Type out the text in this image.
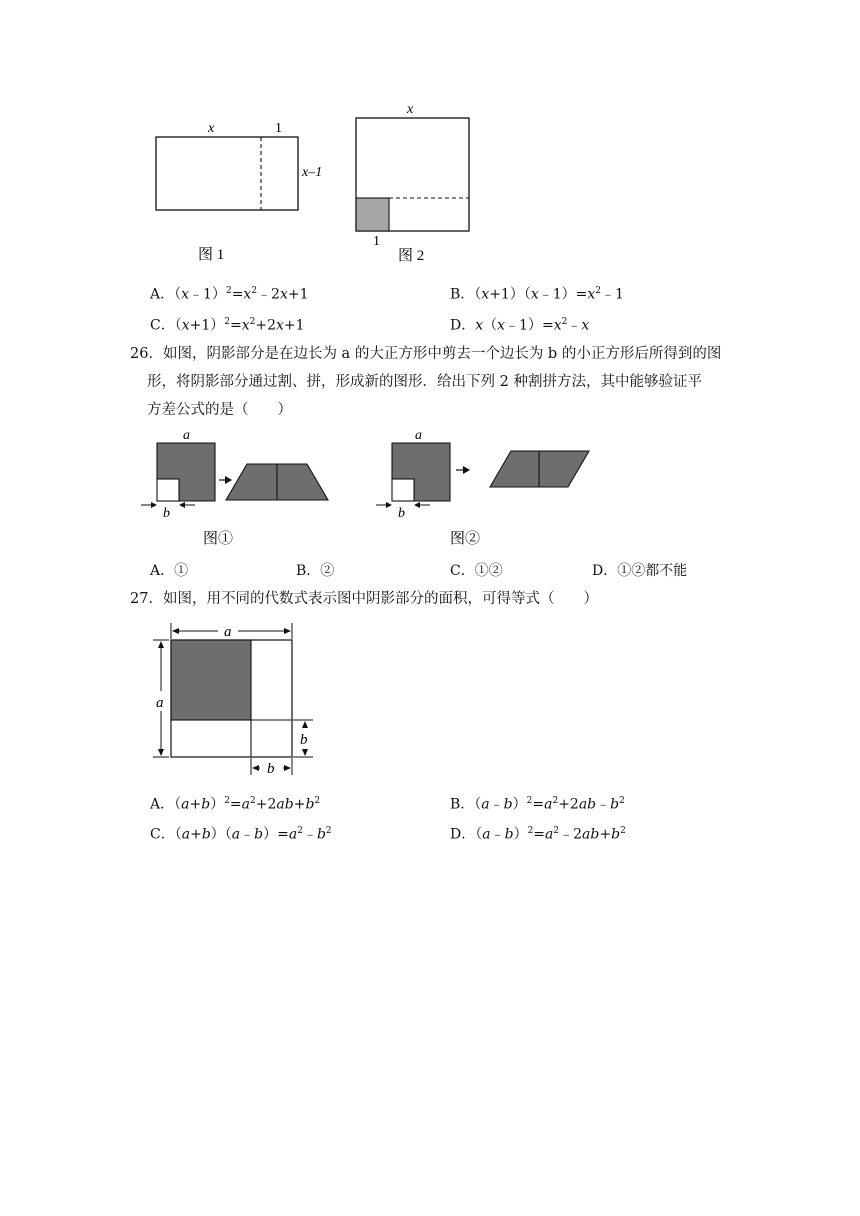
x	1
x–1
图 1
x
1
图 2
A．$(x﹣1)^2=x^2﹣2x+1$	B．$(x+1)(x﹣1)=x^2﹣1$
C．$(x+1)^2=x^2+2x+1$	D．$x(x﹣1)=x^2﹣x$
26．如图，阴影部分是在边长为 a 的大正方形中剪去一个边长为 b 的小正方形后所得到的图
形，将阴影部分通过割、拼，形成新的图形．给出下列 2 种割拼方法，其中能够验证平
方差公式的是（　　）
a
b
图①
a
b
图②
A．①	B．②	C．①②	D．①②都不能
27．如图，用不同的代数式表示图中阴影部分的面积，可得等式（　　）
a
a
b
b
A．$(a+b)^2=a^2+2ab+b^2$	B．$(a﹣b)^2=a^2+2ab﹣b^2$
C．$(a+b)(a﹣b)=a^2﹣b^2$	D．$(a﹣b)^2=a^2﹣2ab+b^2$
